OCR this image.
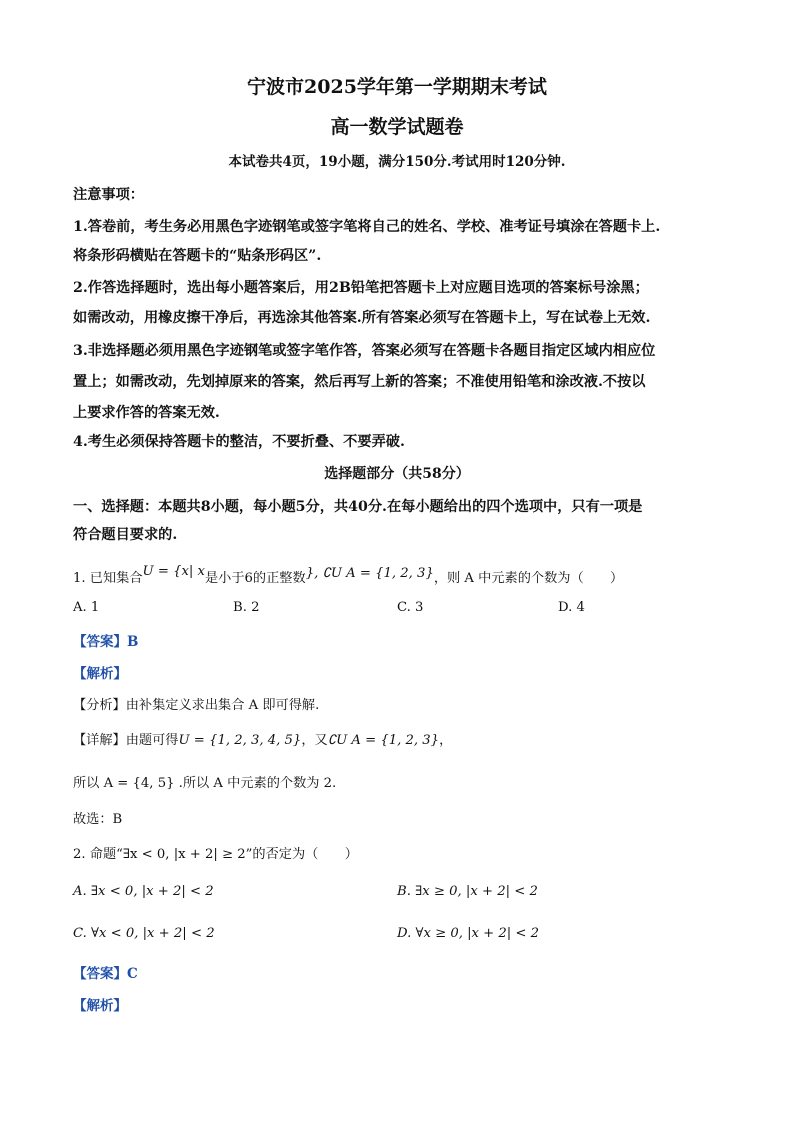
宁波市2025学年第一学期期末考试
高一数学试题卷
本试卷共4页，19小题，满分150分.考试用时120分钟.
注意事项：
1.答卷前，考生务必用黑色字迹钢笔或签字笔将自己的姓名、学校、准考证号填涂在答题卡上.
将条形码横贴在答题卡的“贴条形码区”.
2.作答选择题时，选出每小题答案后，用2B铅笔把答题卡上对应题目选项的答案标号涂黑；
如需改动，用橡皮擦干净后，再选涂其他答案.所有答案必须写在答题卡上，写在试卷上无效.
3.非选择题必须用黑色字迹钢笔或签字笔作答，答案必须写在答题卡各题目指定区域内相应位
置上；如需改动，先划掉原来的答案，然后再写上新的答案；不准使用铅笔和涂改液.不按以
上要求作答的答案无效.
4.考生必须保持答题卡的整洁，不要折叠、不要弄破.
选择题部分（共58分）
一、选择题：本题共8小题，每小题5分，共40分.在每小题给出的四个选项中，只有一项是
符合题目要求的.
1. 已知集合U = {x| x是小于6的正整数}, ∁U A = {1, 2, 3}，则 A 中元素的个数为（　　）
A. 1	B. 2	C. 3	D. 4
【答案】B
【解析】
【分析】由补集定义求出集合 A 即可得解.
【详解】由题可得U = {1, 2, 3, 4, 5}，又∁U A = {1, 2, 3}，
所以 A = {4, 5} .所以 A 中元素的个数为 2.
故选：B
2. 命题“∃x < 0, |x + 2| ≥ 2”的否定为（　　）
A. ∃x < 0, |x + 2| < 2	B. ∃x ≥ 0, |x + 2| < 2
C. ∀x < 0, |x + 2| < 2	D. ∀x ≥ 0, |x + 2| < 2
【答案】C
【解析】
